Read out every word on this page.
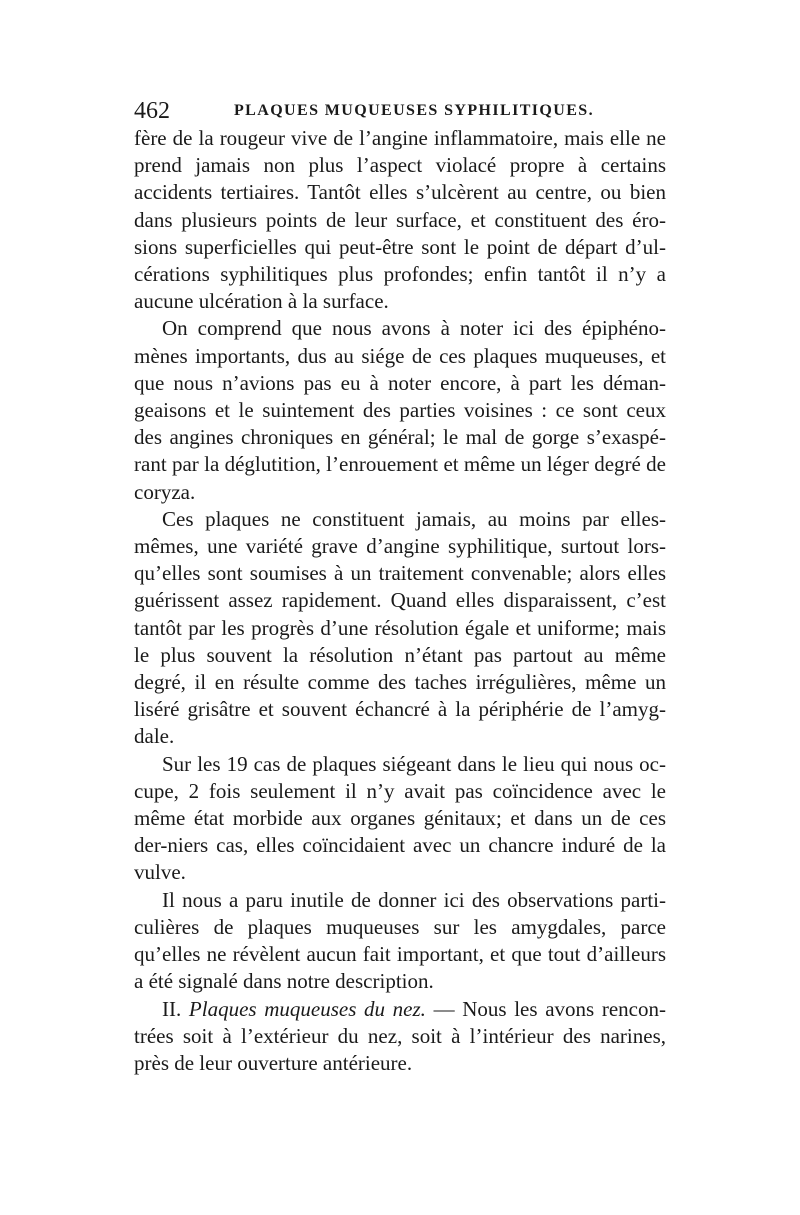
462	PLAQUES MUQUEUSES SYPHILITIQUES.

fère de la rougeur vive de l’angine inflammatoire, mais elle ne prend jamais non plus l’aspect violacé propre à certains accidents tertiaires. Tantôt elles s’ulcèrent au centre, ou bien dans plusieurs points de leur surface, et constituent des éro-sions superficielles qui peut-être sont le point de départ d’ul-cérations syphilitiques plus profondes; enfin tantôt il n’y a aucune ulcération à la surface.

On comprend que nous avons à noter ici des épiphéno-mènes importants, dus au siége de ces plaques muqueuses, et que nous n’avions pas eu à noter encore, à part les déman-geaisons et le suintement des parties voisines : ce sont ceux des angines chroniques en général; le mal de gorge s’exaspé-rant par la déglutition, l’enrouement et même un léger degré de coryza.

Ces plaques ne constituent jamais, au moins par elles-mêmes, une variété grave d’angine syphilitique, surtout lors-qu’elles sont soumises à un traitement convenable; alors elles guérissent assez rapidement. Quand elles disparaissent, c’est tantôt par les progrès d’une résolution égale et uniforme; mais le plus souvent la résolution n’étant pas partout au même degré, il en résulte comme des taches irrégulières, même un liséré grisâtre et souvent échancré à la périphérie de l’amyg-dale.

Sur les 19 cas de plaques siégeant dans le lieu qui nous oc-cupe, 2 fois seulement il n’y avait pas coïncidence avec le même état morbide aux organes génitaux; et dans un de ces der-niers cas, elles coïncidaient avec un chancre induré de la vulve.

Il nous a paru inutile de donner ici des observations parti-culières de plaques muqueuses sur les amygdales, parce qu’elles ne révèlent aucun fait important, et que tout d’ailleurs a été signalé dans notre description.

II. Plaques muqueuses du nez. — Nous les avons rencon-trées soit à l’extérieur du nez, soit à l’intérieur des narines, près de leur ouverture antérieure.
